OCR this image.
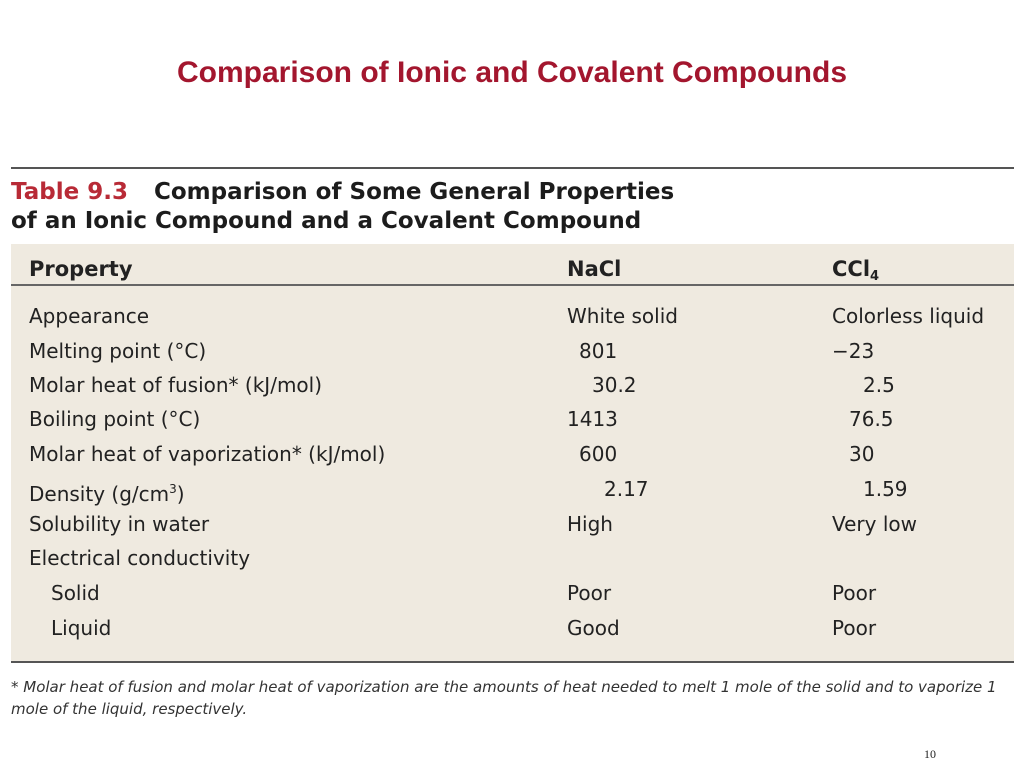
Comparison of Ionic and Covalent Compounds
Table 9.3 Comparison of Some General Properties
of an Ionic Compound and a Covalent Compound
Property	NaCl	CCl$_4$
Appearance	White solid	Colorless liquid
Melting point (°C)	801	−23
Molar heat of fusion* (kJ/mol)	30.2	2.5
Boiling point (°C)	1413	76.5
Molar heat of vaporization* (kJ/mol)	600	30
Density $(g/cm^3)$	2.17	1.59
Solubility in water	High	Very low
Electrical conductivity
Solid	Poor	Poor
Liquid	Good	Poor
* Molar heat of fusion and molar heat of vaporization are the amounts of heat needed to melt 1 mole of the solid and to vaporize 1 mole of the liquid, respectively.
10
